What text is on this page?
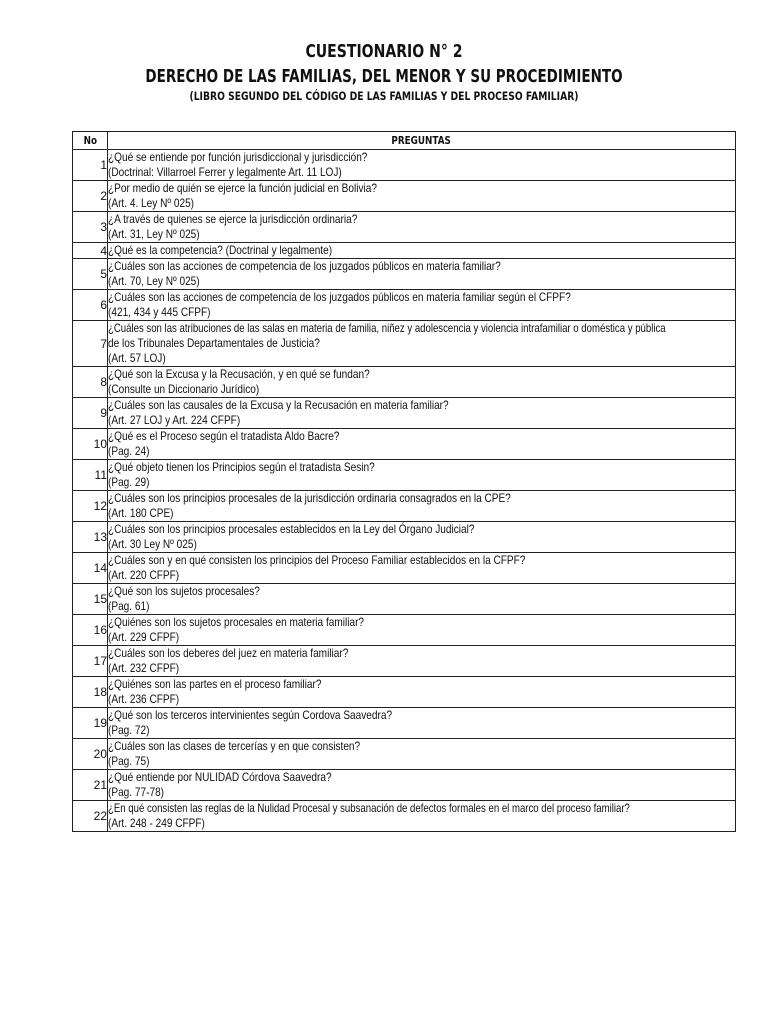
CUESTIONARIO N° 2
DERECHO DE LAS FAMILIAS, DEL MENOR Y SU PROCEDIMIENTO
(LIBRO SEGUNDO DEL CÓDIGO DE LAS FAMILIAS Y DEL PROCESO FAMILIAR)
No	PREGUNTAS
1	¿Qué se entiende por función jurisdiccional y jurisdicción?
(Doctrinal: Villarroel Ferrer y legalmente Art. 11 LOJ)

2	¿Por medio de quién se ejerce la función judicial en Bolivia?
(Art. 4. Ley Nº 025)

3	¿A través de quienes se ejerce la jurisdicción ordinaria?
(Art. 31, Ley Nº 025)

4	¿Qué es la competencia? (Doctrinal y legalmente)

5	¿Cuáles son las acciones de competencia de los juzgados públicos en materia familiar?
(Art. 70, Ley Nº 025)

6	¿Cuáles son las acciones de competencia de los juzgados públicos en materia familiar según el CFPF?
(421, 434 y 445 CFPF)

7	¿Cuáles son las atribuciones de las salas en materia de familia, niñez y adolescencia y violencia intrafamiliar o doméstica y pública
de los Tribunales Departamentales de Justicia?
(Art. 57 LOJ)

8	¿Qué son la Excusa y la Recusación, y en qué se fundan?
(Consulte un Diccionario Jurídico)

9	¿Cuáles son las causales de la Excusa y la Recusación en materia familiar?
(Art. 27 LOJ y Art. 224 CFPF)

10	¿Qué es el Proceso según el tratadista Aldo Bacre?
(Pag. 24)

11	¿Qué objeto tienen los Principios según el tratadista Sesin?
(Pag. 29)

12	¿Cuáles son los principios procesales de la jurisdicción ordinaria consagrados en la CPE?
(Art. 180 CPE)

13	¿Cuáles son los principios procesales establecidos en la Ley del Órgano Judicial?
(Art. 30 Ley Nº 025)

14	¿Cuáles son y en qué consisten los principios del Proceso Familiar establecidos en la CFPF?
(Art. 220 CFPF)

15	¿Qué son los sujetos procesales?
(Pag. 61)

16	¿Quiénes son los sujetos procesales en materia familiar?
(Art. 229 CFPF)

17	¿Cuáles son los deberes del juez en materia familiar?
(Art. 232 CFPF)

18	¿Quiénes son las partes en el proceso familiar?
(Art. 236 CFPF)

19	¿Qué son los terceros intervinientes según Cordova Saavedra?
(Pag. 72)

20	¿Cuáles son las clases de tercerías y en que consisten?
(Pag. 75)

21	¿Qué entiende por NULIDAD Córdova Saavedra?
(Pag. 77-78)

22	¿En qué consisten las reglas de la Nulidad Procesal y subsanación de defectos formales en el marco del proceso familiar?
(Art. 248 - 249 CFPF)
